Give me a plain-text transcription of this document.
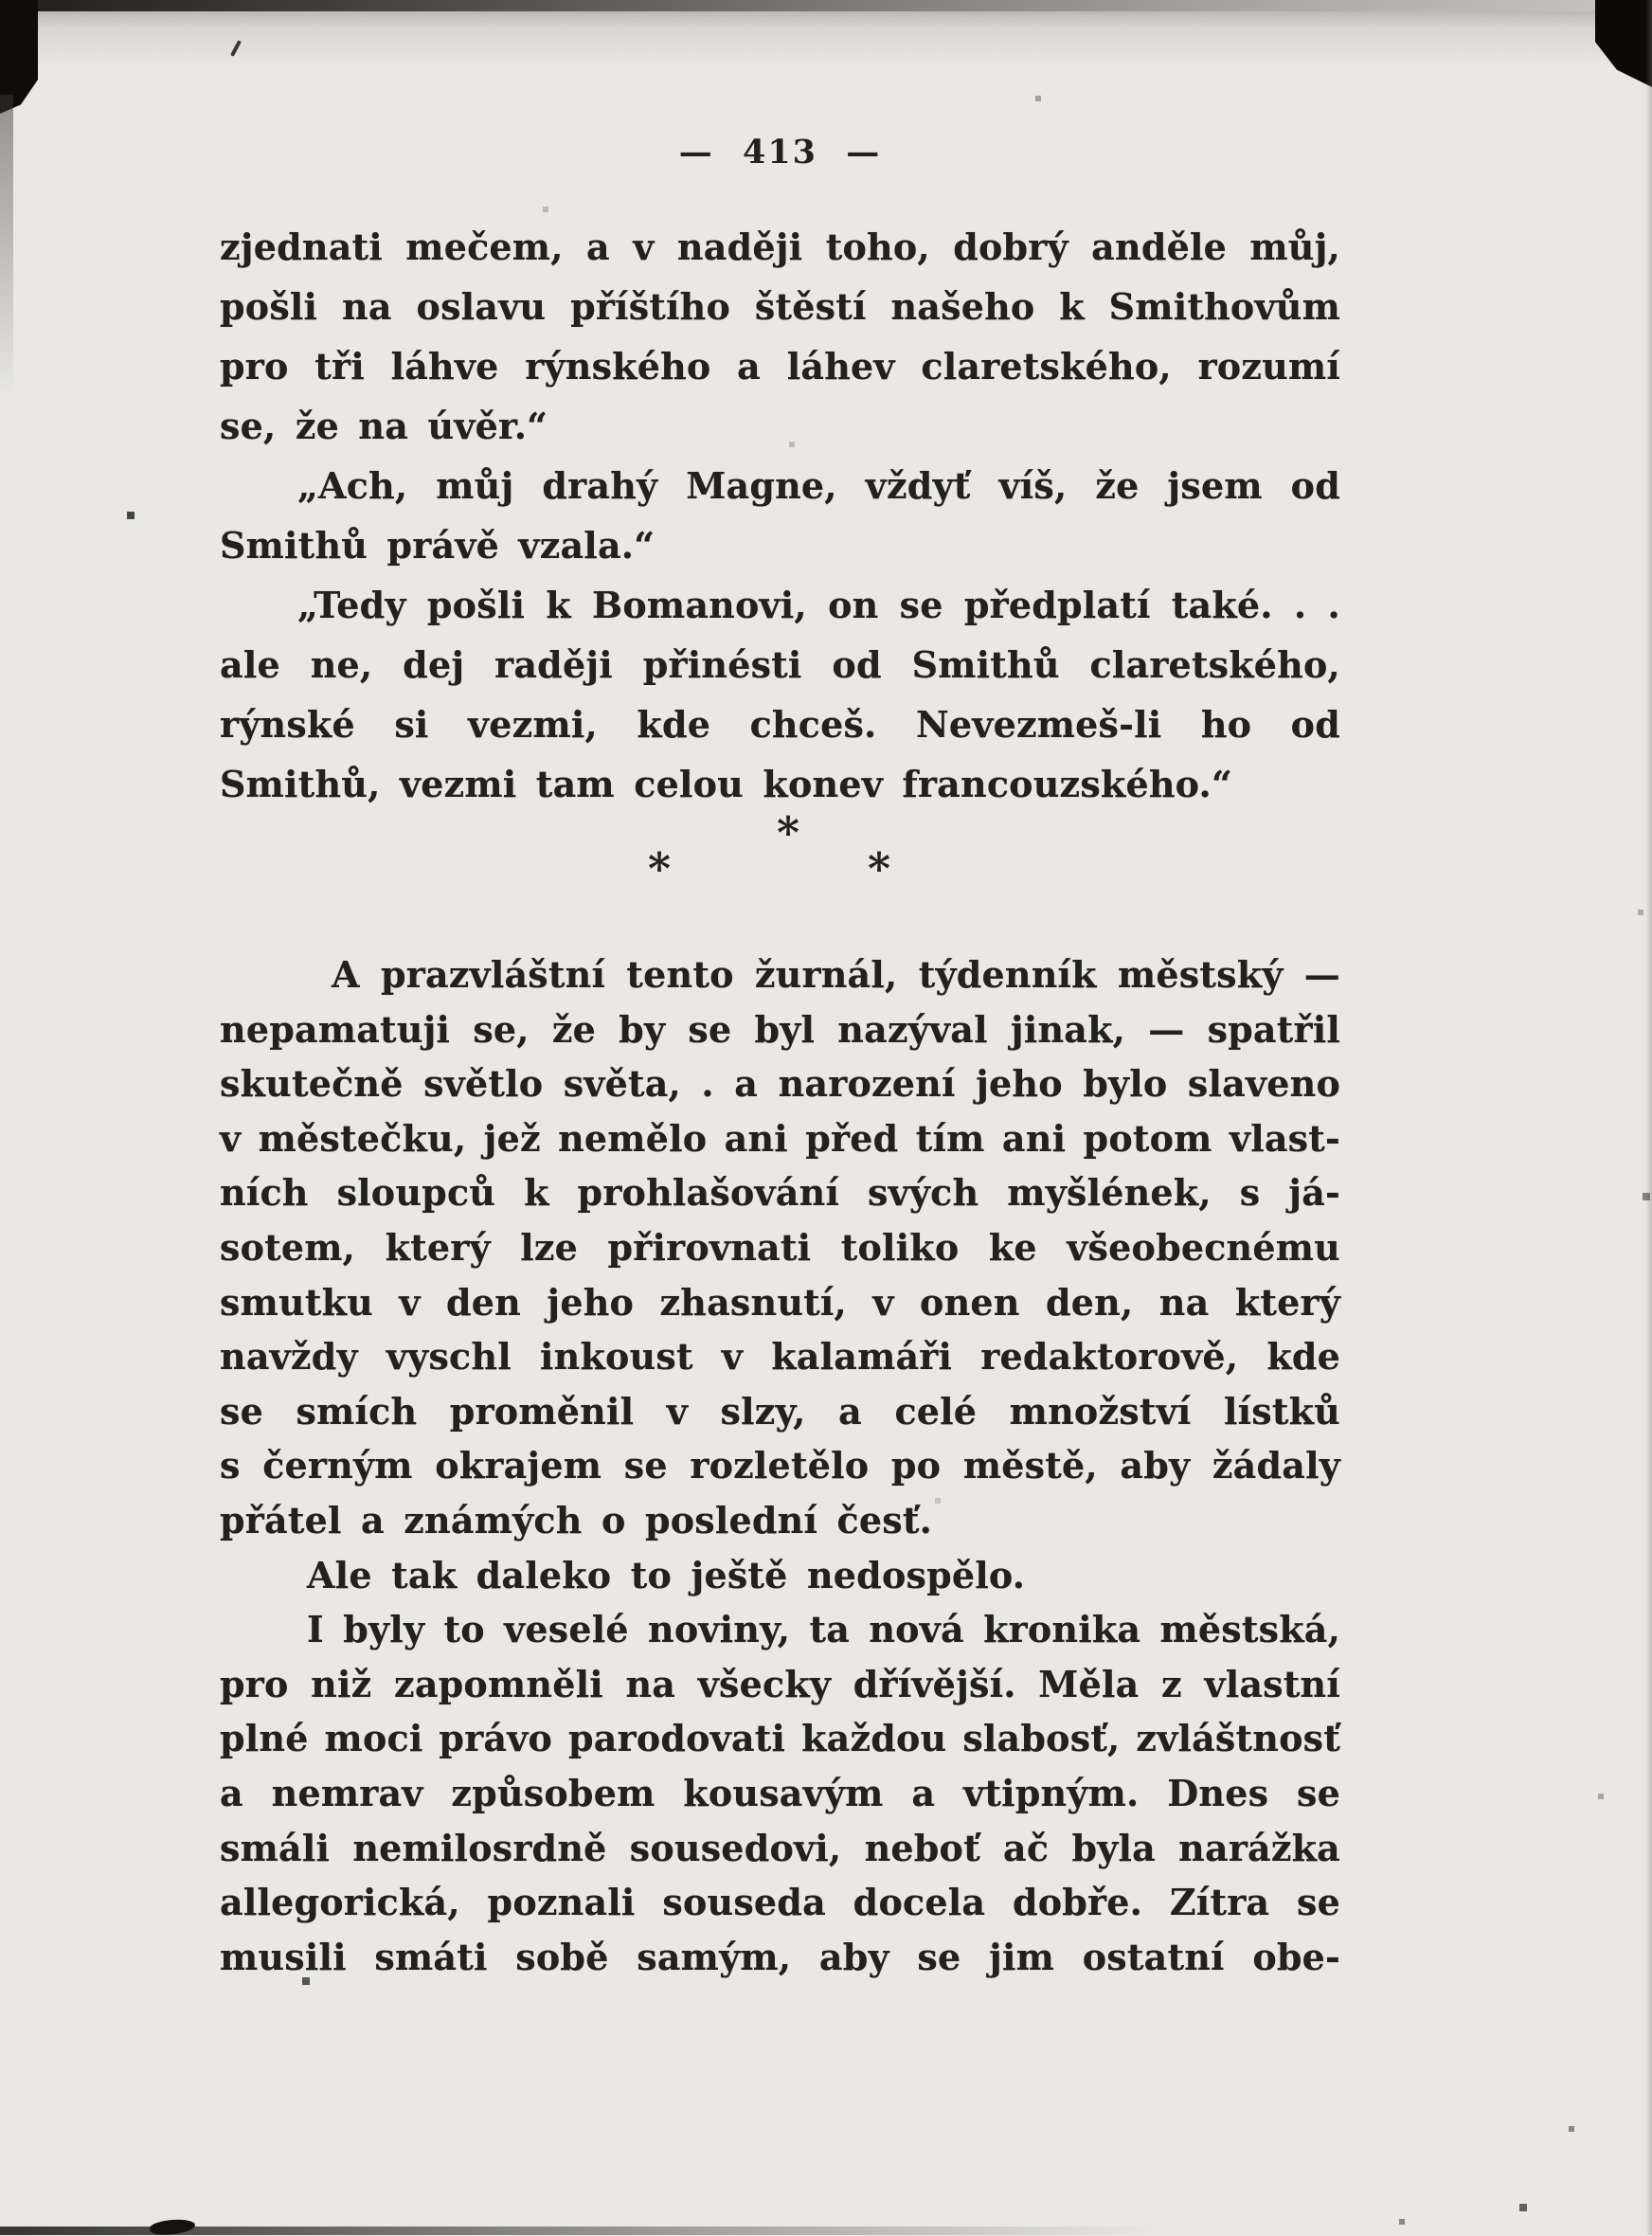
— 413 —
zjednati mečem, a v naději toho, dobrý anděle můj,
pošli na oslavu příštího štěstí našeho k Smithovům
pro tři láhve rýnského a láhev claretského, rozumí
se, že na úvěr.“
„Ach, můj drahý Magne, vždyť víš, že jsem od
Smithů právě vzala.“
„Tedy pošli k Bomanovi, on se předplatí také. . .
ale ne, dej raději přinésti od Smithů claretského,
rýnské si vezmi, kde chceš. Nevezmeš-li ho od
Smithů, vezmi tam celou konev francouzského.“
*
*
*
A prazvláštní tento žurnál, týdenník městský —
nepamatuji se, že by se byl nazýval jinak, — spatřil
skutečně světlo světa, . a narození jeho bylo slaveno
v městečku, jež nemělo ani před tím ani potom vlast-
ních sloupců k prohlašování svých myšlének, s já-
sotem, který lze přirovnati toliko ke všeobecnému
smutku v den jeho zhasnutí, v onen den, na který
navždy vyschl inkoust v kalamáři redaktorově, kde
se smích proměnil v slzy, a celé množství lístků
s černým okrajem se rozletělo po městě, aby žádaly
přátel a známých o poslední česť.
Ale tak daleko to ještě nedospělo.
I byly to veselé noviny, ta nová kronika městská,
pro niž zapomněli na všecky dřívější. Měla z vlastní
plné moci právo parodovati každou slabosť, zvláštnosť
a nemrav způsobem kousavým a vtipným. Dnes se
smáli nemilosrdně sousedovi, neboť ač byla narážka
allegorická, poznali souseda docela dobře. Zítra se
musili smáti sobě samým, aby se jim ostatní obe-
